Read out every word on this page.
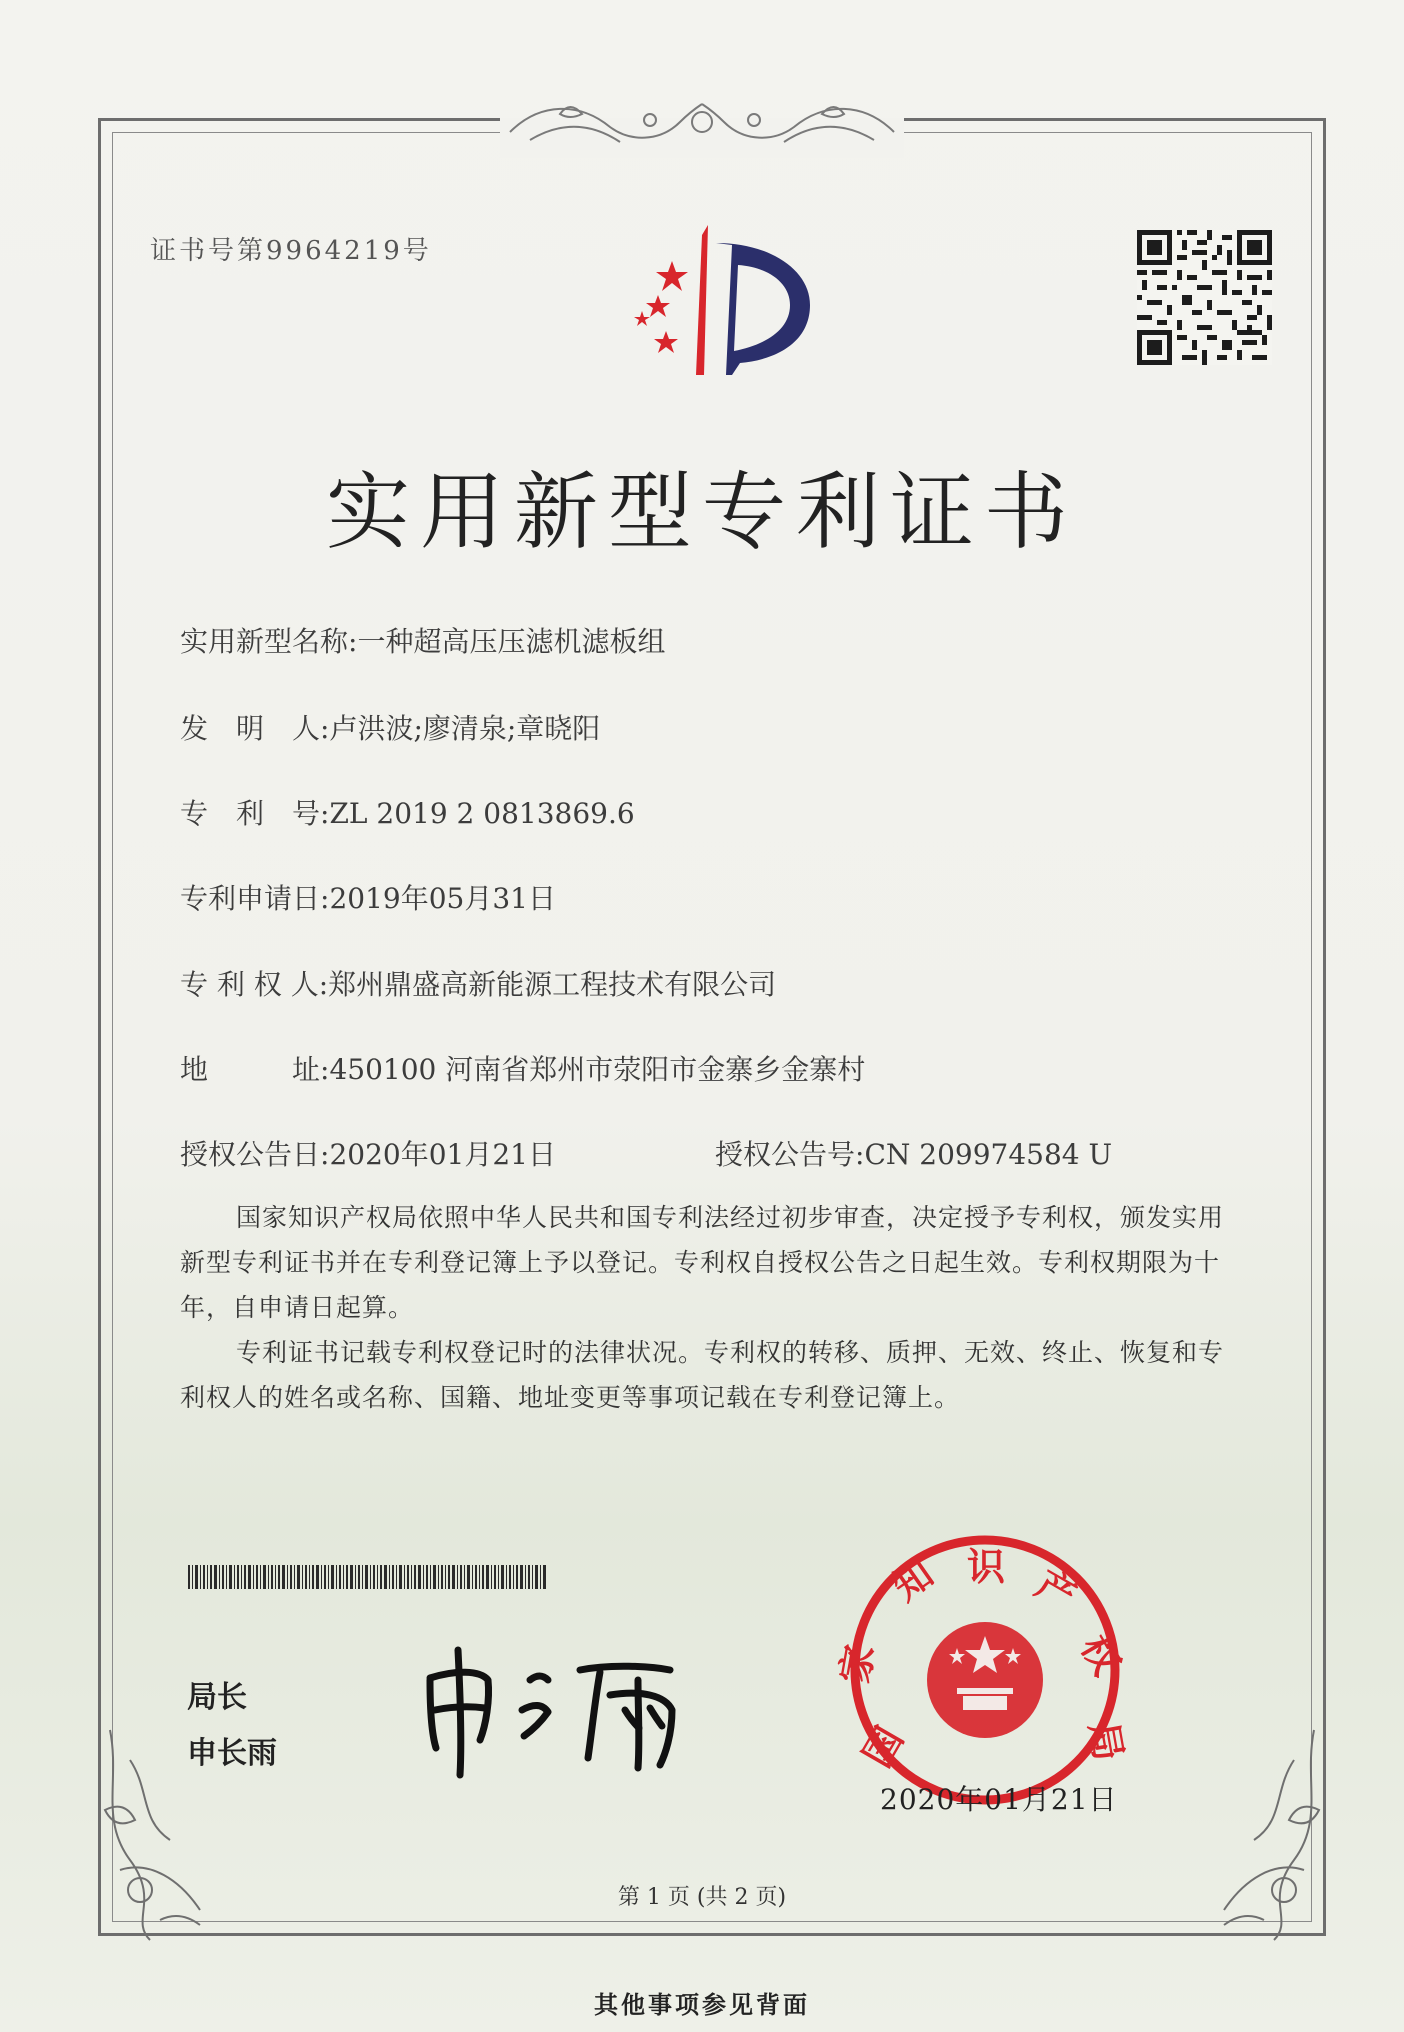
证书号第9964219号
实用新型专利证书
实用新型名称:一种超高压压滤机滤板组
发　明　人:卢洪波;廖清泉;章晓阳
专　利　号:ZL 2019 2 0813869.6
专利申请日:2019年05月31日
专 利 权 人:郑州鼎盛高新能源工程技术有限公司
地　　　址:450100 河南省郑州市荥阳市金寨乡金寨村
授权公告日:2020年01月21日	授权公告号:CN 209974584 U

国家知识产权局依照中华人民共和国专利法经过初步审查，决定授予专利权，颁发实用新型专利证书并在专利登记簿上予以登记。专利权自授权公告之日起生效。专利权期限为十年，自申请日起算。

专利证书记载专利权登记时的法律状况。专利权的转移、质押、无效、终止、恢复和专利权人的姓名或名称、国籍、地址变更等事项记载在专利登记簿上。

局长
申长雨	国
家
知 识 产
权
局
2020年01月21日
第 1 页 (共 2 页)
其他事项参见背面
